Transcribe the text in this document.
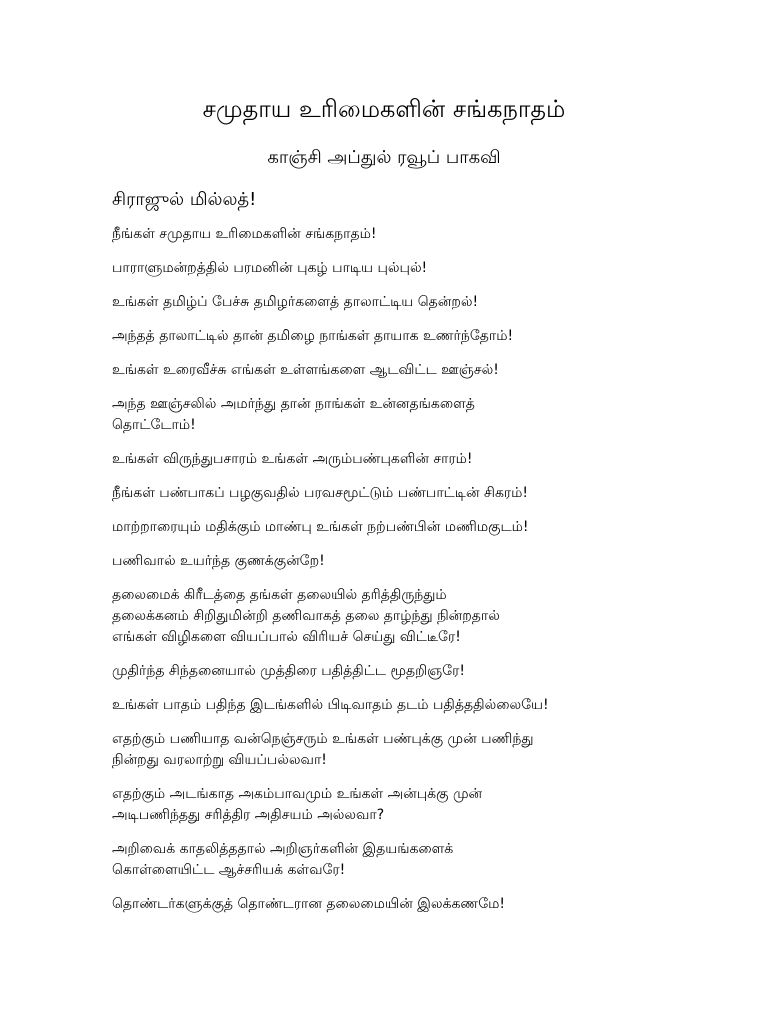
சமுதாய உரிமைகளின் சங்கநாதம்
காஞ்சி அப்துல் ரவூப் பாகவி
சிராஜுல் மில்லத்!
நீங்கள் சமுதாய உரிமைகளின் சங்கநாதம்!
பாராளுமன்றத்தில் பரமனின் புகழ் பாடிய புல்புல்!
உங்கள் தமிழ்ப் பேச்சு தமிழர்களைத் தாலாட்டிய தென்றல்!
அந்தத் தாலாட்டில் தான் தமிழை நாங்கள் தாயாக உணர்ந்தோம்!
உங்கள் உரைவீச்சு எங்கள் உள்ளங்களை ஆடவிட்ட ஊஞ்சல்!
அந்த ஊஞ்சலில் அமர்ந்து தான் நாங்கள் உன்னதங்களைத்
தொட்டோம்!
உங்கள் விருந்துபசாரம் உங்கள் அரும்பண்புகளின் சாரம்!
நீங்கள் பண்பாகப் பழகுவதில் பரவசமூட்டும் பண்பாட்டின் சிகரம்!
மாற்றாரையும் மதிக்கும் மாண்பு உங்கள் நற்பண்பின் மணிமகுடம்!
பணிவால் உயர்ந்த குணக்குன்றே!
தலைமைக் கிரீடத்தை தங்கள் தலையில் தரித்திருந்தும்
தலைக்கனம் சிறிதுமின்றி தணிவாகத் தலை தாழ்ந்து நின்றதால்
எங்கள் விழிகளை வியப்பால் விரியச் செய்து விட்டீரே!
முதிர்ந்த சிந்தனையால் முத்திரை பதித்திட்ட மூதறிஞரே!
உங்கள் பாதம் பதிந்த இடங்களில் பிடிவாதம் தடம் பதித்ததில்லையே!
எதற்கும் பணியாத வன்நெஞ்சரும் உங்கள் பண்புக்கு முன் பணிந்து
நின்றது வரலாற்று வியப்பல்லவா!
எதற்கும் அடங்காத அகம்பாவமும் உங்கள் அன்புக்கு முன்
அடிபணிந்தது சரித்திர அதிசயம் அல்லவா?
அறிவைக் காதலித்ததால் அறிஞர்களின் இதயங்களைக்
கொள்ளையிட்ட ஆச்சரியக் கள்வரே!
தொண்டர்களுக்குத் தொண்டரான தலைமையின் இலக்கணமே!
